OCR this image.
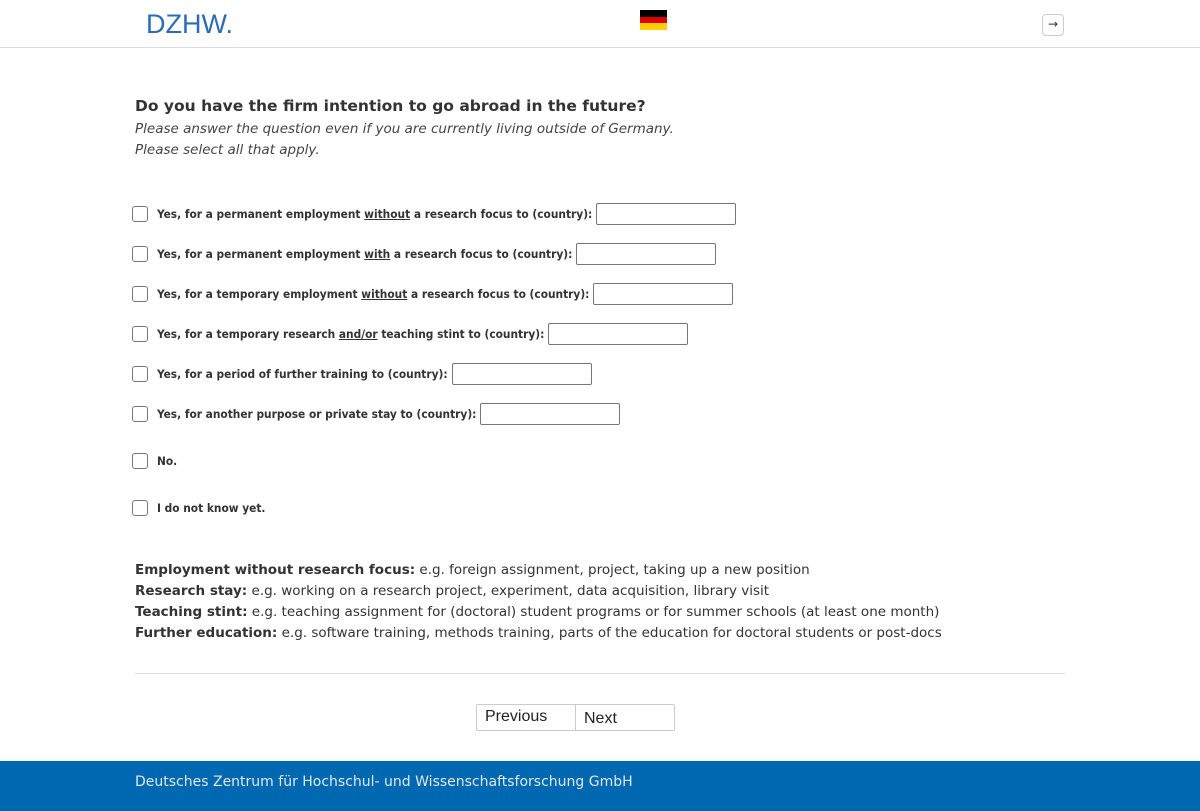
DZHW.	→
Do you have the firm intention to go abroad in the future?
Please answer the question even if you are currently living outside of Germany.
Please select all that apply.
Yes, for a permanent employment without a research focus to (country):
Yes, for a permanent employment with a research focus to (country):
Yes, for a temporary employment without a research focus to (country):
Yes, for a temporary research and/or teaching stint to (country):
Yes, for a period of further training to (country):
Yes, for another purpose or private stay to (country):
No.
I do not know yet.
Employment without research focus: e.g. foreign assignment, project, taking up a new position
Research stay: e.g. working on a research project, experiment, data acquisition, library visit
Teaching stint: e.g. teaching assignment for (doctoral) student programs or for summer schools (at least one month)
Further education: e.g. software training, methods training, parts of the education for doctoral students or post-docs
Previous	Next
Deutsches Zentrum für Hochschul- und Wissenschaftsforschung GmbH
